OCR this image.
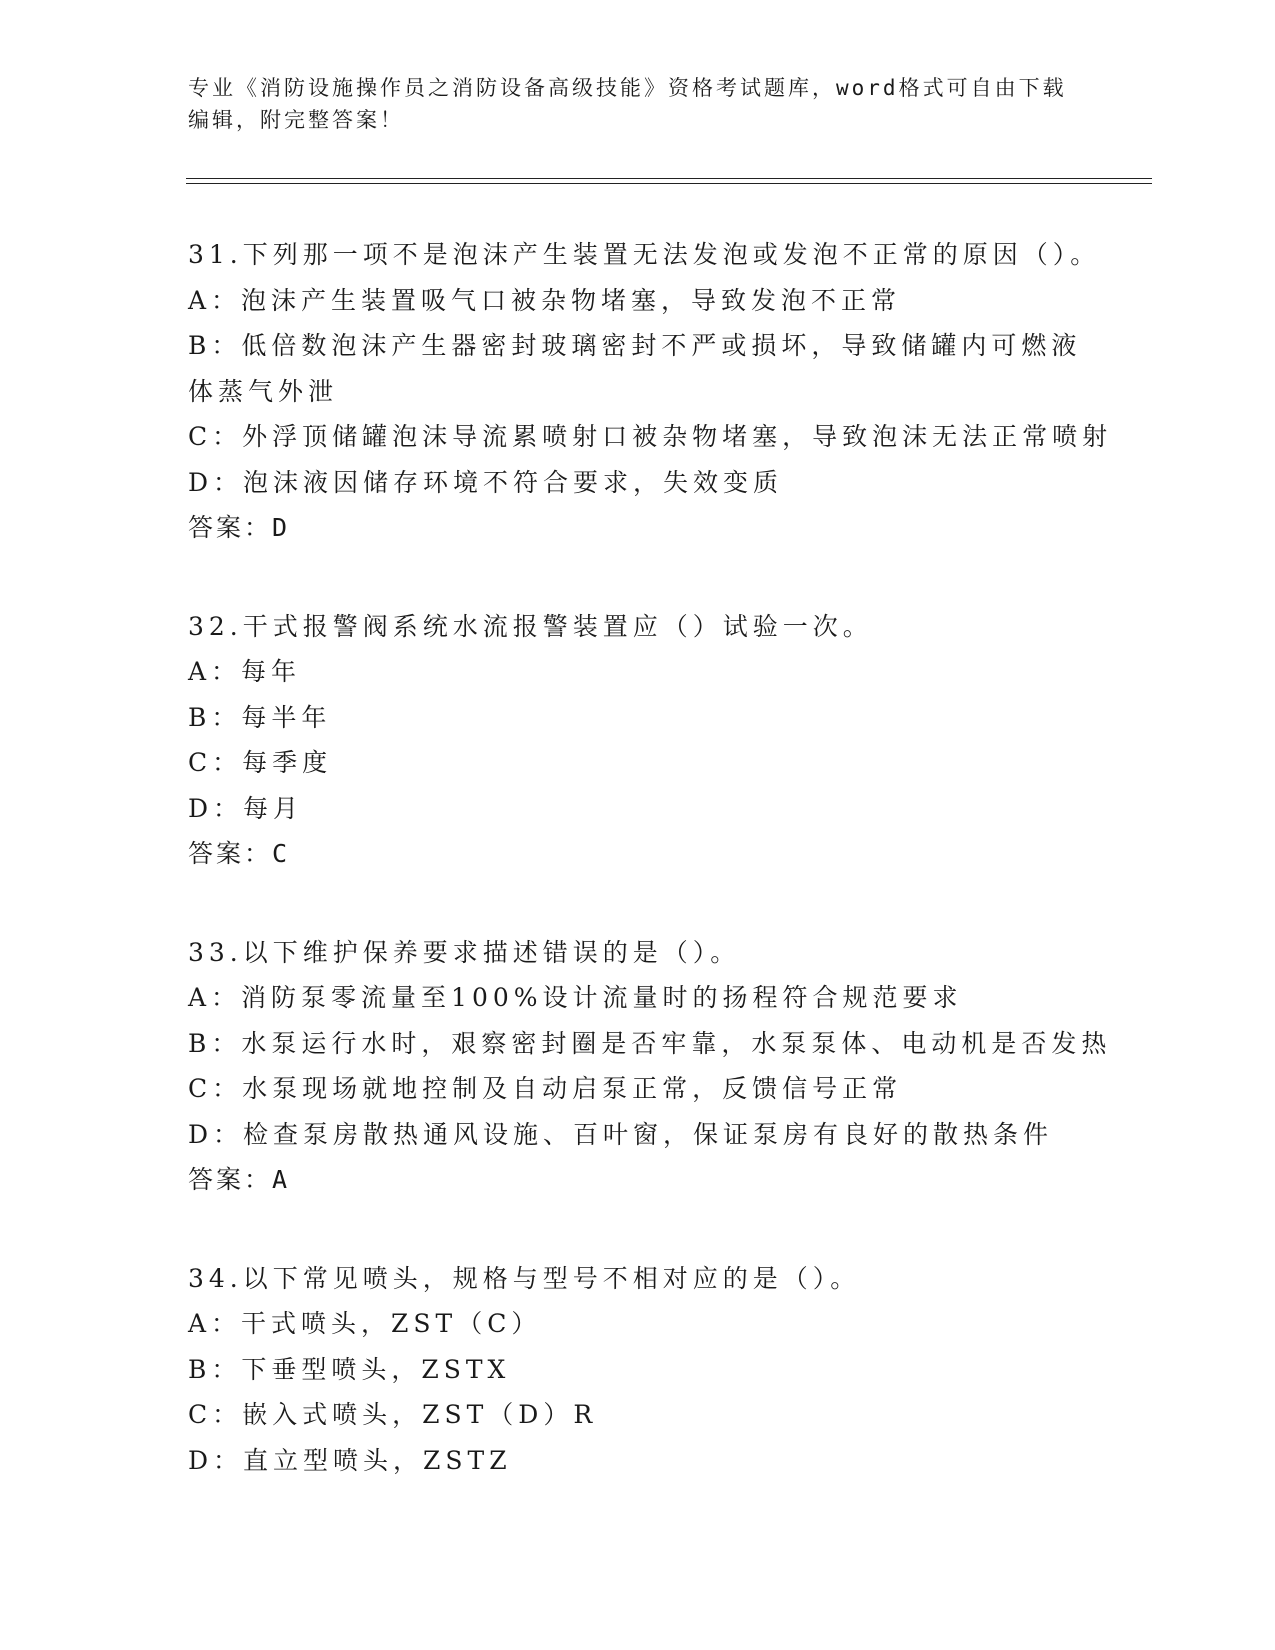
专业《消防设施操作员之消防设备高级技能》资格考试题库，word格式可自由下载编辑，附完整答案！
31.下列那一项不是泡沫产生装置无法发泡或发泡不正常的原因（）。
A：泡沫产生装置吸气口被杂物堵塞，导致发泡不正常
B：低倍数泡沫产生器密封玻璃密封不严或损坏，导致储罐内可燃液体蒸气外泄
C：外浮顶储罐泡沫导流累喷射口被杂物堵塞，导致泡沫无法正常喷射
D：泡沫液因储存环境不符合要求，失效变质
答案：D
32.干式报警阀系统水流报警装置应（）试验一次。
A：每年
B：每半年
C：每季度
D：每月
答案：C
33.以下维护保养要求描述错误的是（）。
A：消防泵零流量至100%设计流量时的扬程符合规范要求
B：水泵运行水时，艰察密封圈是否牢靠，水泵泵体、电动机是否发热
C：水泵现场就地控制及自动启泵正常，反馈信号正常
D：检查泵房散热通风设施、百叶窗，保证泵房有良好的散热条件
答案：A
34.以下常见喷头，规格与型号不相对应的是（）。
A：干式喷头，ZST（C）
B：下垂型喷头，ZSTX
C：嵌入式喷头，ZST（D）R
D：直立型喷头，ZSTZ
